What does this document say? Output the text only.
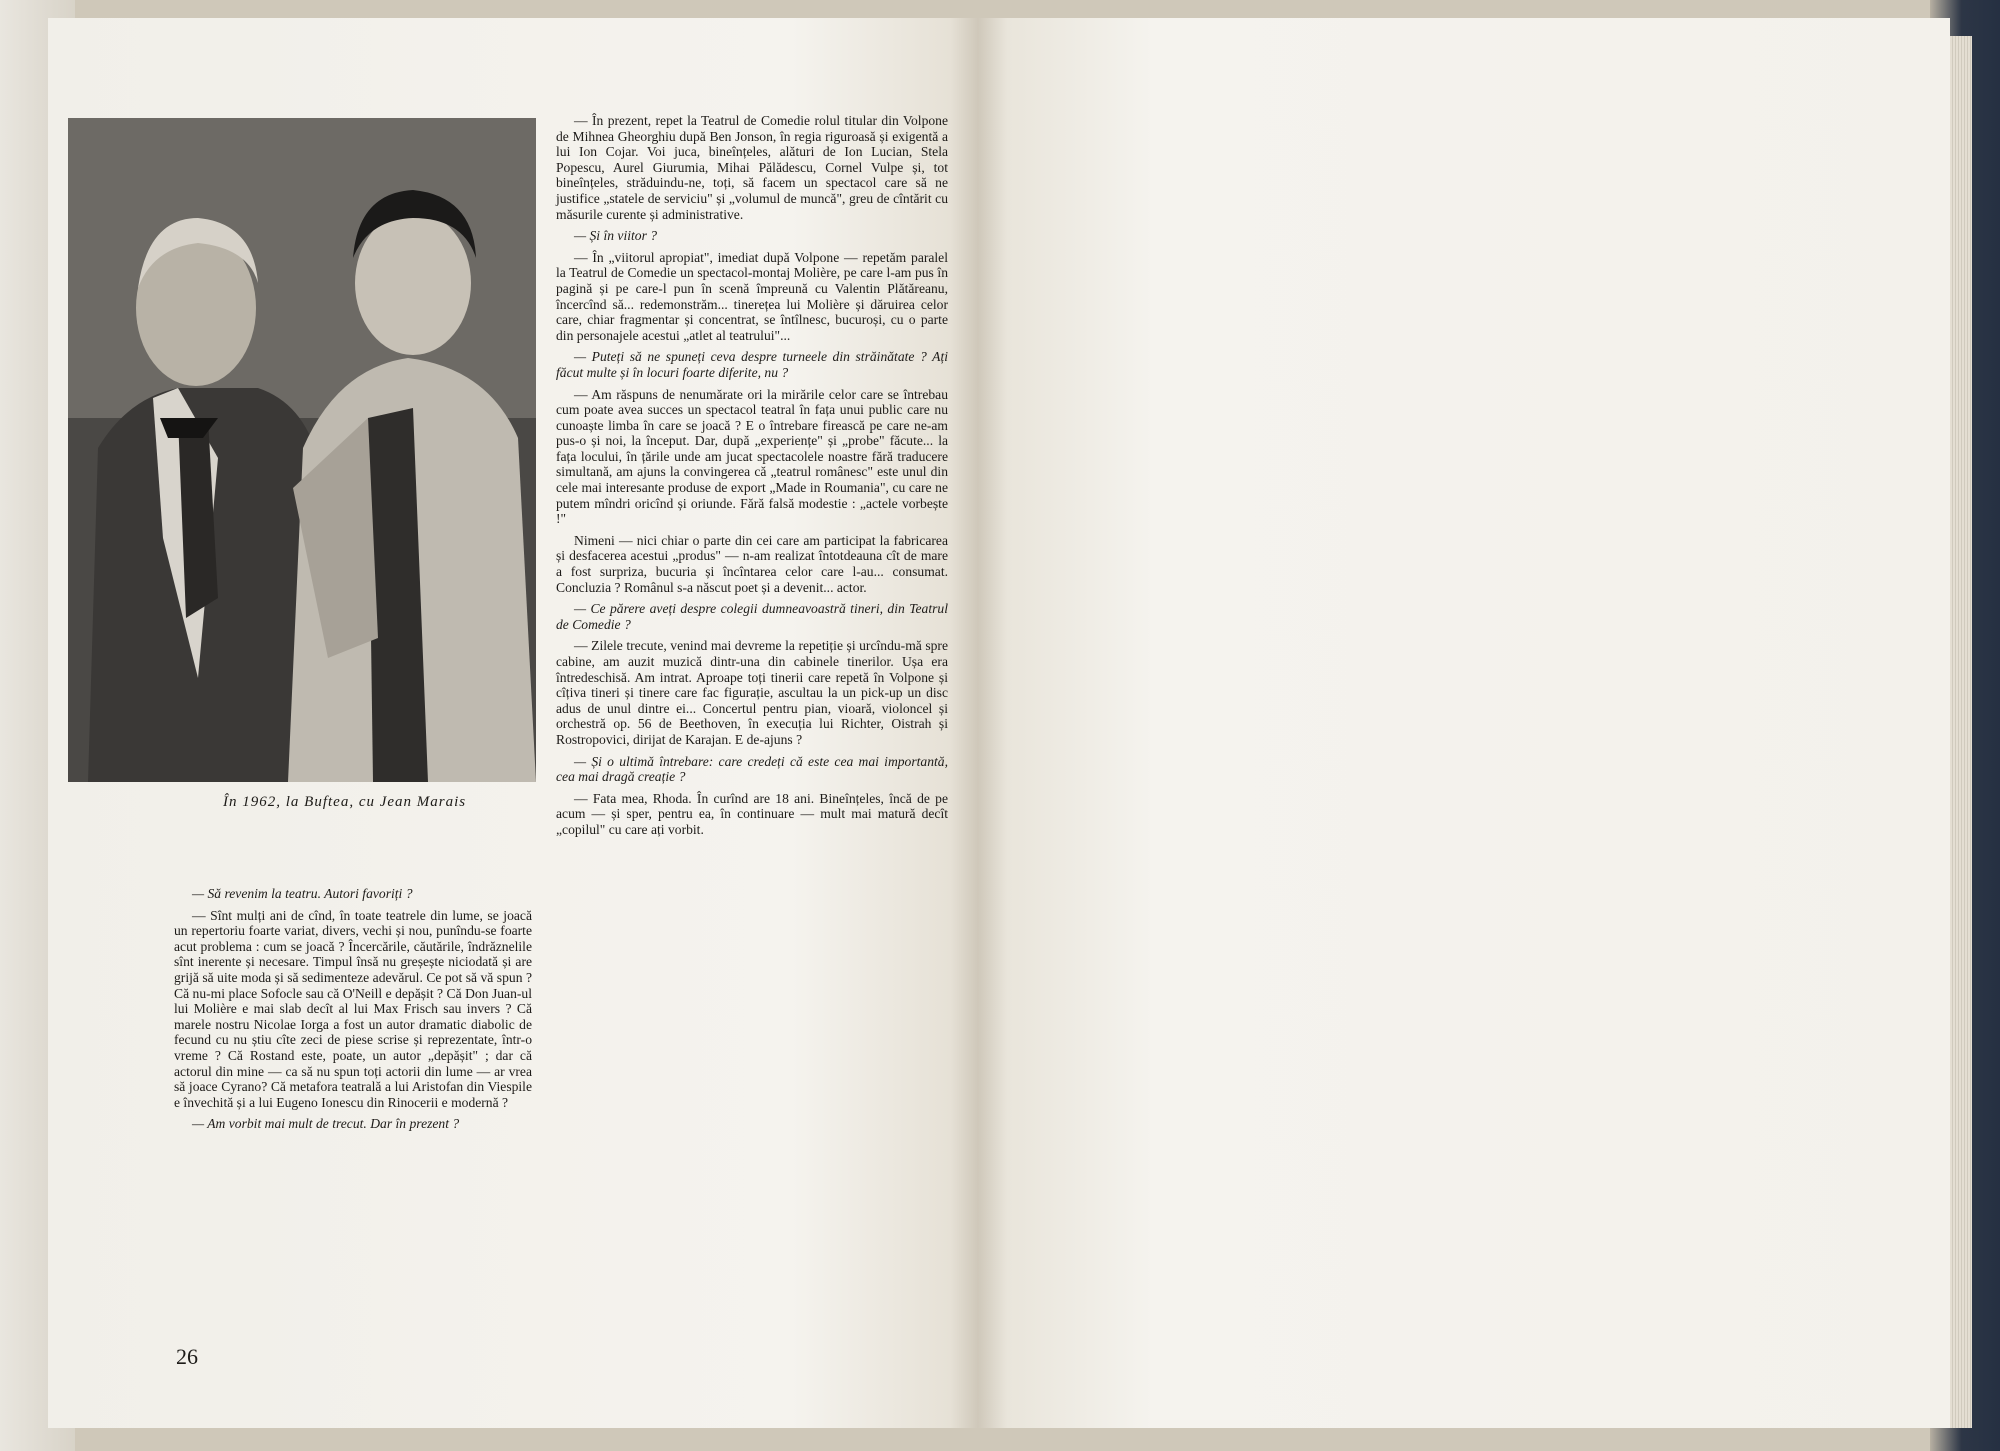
În 1962, la Buftea, cu Jean Marais

— Să revenim la teatru. Autori favoriți ?

— Sînt mulți ani de cînd, în toate teatrele din lume, se joacă un repertoriu foarte variat, divers, vechi și nou, punîndu-se foarte acut problema : cum se joacă ? Încercările, căutările, îndrăznelile sînt inerente și necesare. Timpul însă nu greșește niciodată și are grijă să uite moda și să sedimenteze adevărul. Ce pot să vă spun ? Că nu-mi place Sofocle sau că O'Neill e depășit ? Că Don Juan-ul lui Molière e mai slab decît al lui Max Frisch sau invers ? Că marele nostru Nicolae Iorga a fost un autor dramatic diabolic de fecund cu nu știu cîte zeci de piese scrise și reprezentate, într-o vreme ? Că Rostand este, poate, un autor „depășit" ; dar că actorul din mine — ca să nu spun toți actorii din lume — ar vrea să joace Cyrano? Că metafora teatrală a lui Aristofan din Viespile e învechită și a lui Eugeno Ionescu din Rinocerii e modernă ?

— Am vorbit mai mult de trecut. Dar în prezent ?

— În prezent, repet la Teatrul de Comedie rolul titular din Volpone de Mihnea Gheorghiu după Ben Jonson, în regia riguroasă și exigentă a lui Ion Cojar. Voi juca, bineînțeles, alături de Ion Lucian, Stela Popescu, Aurel Giurumia, Mihai Pălădescu, Cornel Vulpe și, tot bineînțeles, străduindu-ne, toți, să facem un spectacol care să ne justifice „statele de serviciu" și „volumul de muncă", greu de cîntărit cu măsurile curente și administrative.

— Și în viitor ?

— În „viitorul apropiat", imediat după Volpone — repetăm paralel la Teatrul de Comedie un spectacol-montaj Molière, pe care l-am pus în pagină și pe care-l pun în scenă împreună cu Valentin Plătăreanu, încercînd să... redemonstrăm... tinerețea lui Molière și dăruirea celor care, chiar fragmentar și concentrat, se întîlnesc, bucuroși, cu o parte din personajele acestui „atlet al teatrului"...

— Puteți să ne spuneți ceva despre turneele din străinătate ? Ați făcut multe și în locuri foarte diferite, nu ?

— Am răspuns de nenumărate ori la mirările celor care se întrebau cum poate avea succes un spectacol teatral în fața unui public care nu cunoaște limba în care se joacă ? E o întrebare firească pe care ne-am pus-o și noi, la început. Dar, după „experiențe" și „probe" făcute... la fața locului, în țările unde am jucat spectacolele noastre fără traducere simultană, am ajuns la convingerea că „teatrul românesc" este unul din cele mai interesante produse de export „Made in Roumania", cu care ne putem mîndri oricînd și oriunde. Fără falsă modestie : „actele vorbește !"

Nimeni — nici chiar o parte din cei care am participat la fabricarea și desfacerea acestui „produs" — n-am realizat întotdeauna cît de mare a fost surpriza, bucuria și încîntarea celor care l-au... consumat. Concluzia ? Românul s-a născut poet și a devenit... actor.

— Ce părere aveți despre colegii dumneavoastră tineri, din Teatrul de Comedie ?

— Zilele trecute, venind mai devreme la repetiție și urcîndu-mă spre cabine, am auzit muzică dintr-una din cabinele tinerilor. Ușa era întredeschisă. Am intrat. Aproape toți tinerii care repetă în Volpone și cîțiva tineri și tinere care fac figurație, ascultau la un pick-up un disc adus de unul dintre ei... Concertul pentru pian, vioară, violoncel și orchestră op. 56 de Beethoven, în execuția lui Richter, Oistrah și Rostropovici, dirijat de Karajan. E de-ajuns ?

— Și o ultimă întrebare: care credeți că este cea mai importantă, cea mai dragă creație ?

— Fata mea, Rhoda. În curînd are 18 ani. Bineînțeles, încă de pe acum — și sper, pentru ea, în continuare — mult mai matură decît „copilul" cu care ați vorbit.

26
